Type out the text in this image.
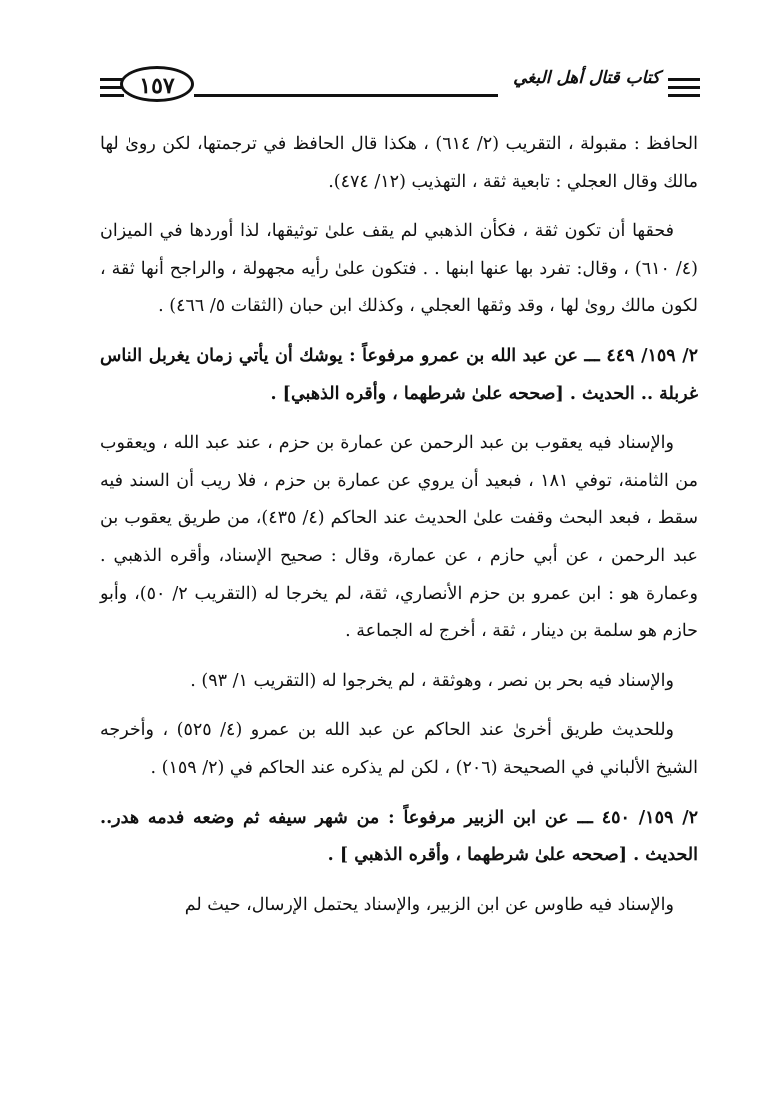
كتاب قتال أهل البغي
١٥٧

الحافظ : مقبولة ، التقريب (٢/ ٦١٤) ، هكذا قال الحافظ في ترجمتها، لكن روىٰ لها مالك وقال العجلي : تابعية ثقة ، التهذيب (١٢/ ٤٧٤).

فحقها أن تكون ثقة ، فكأن الذهبي لم يقف علىٰ توثيقها، لذا أوردها في الميزان (٤/ ٦١٠) ، وقال: تفرد بها عنها ابنها . . فتكون علىٰ رأيه مجهولة ، والراجح أنها ثقة ، لكون مالك روىٰ لها ، وقد وثقها العجلي ، وكذلك ابن حبان (الثقات ٥/ ٤٦٦) .

٢/ ١٥٩/ ٤٤٩ ـــ عن عبد الله بن عمرو مرفوعاً : يوشك أن يأتي زمان يغربل الناس غربلة .. الحديث . [صححه علىٰ شرطهما ، وأقره الذهبي] .

والإسناد فيه يعقوب بن عبد الرحمن عن عمارة بن حزم ، عند عبد الله ، ويعقوب من الثامنة، توفي ١٨١ ، فبعيد أن يروي عن عمارة بن حزم ، فلا ريب أن السند فيه سقط ، فبعد البحث وقفت علىٰ الحديث عند الحاكم (٤/ ٤٣٥)، من طريق يعقوب بن عبد الرحمن ، عن أبي حازم ، عن عمارة، وقال : صحيح الإسناد، وأقره الذهبي . وعمارة هو : ابن عمرو بن حزم الأنصاري، ثقة، لم يخرجا له (التقريب ٢/ ٥٠)، وأبو حازم هو سلمة بن دينار ، ثقة ، أخرج له الجماعة .

والإسناد فيه بحر بن نصر ، وهوثقة ، لم يخرجوا له (التقريب ١/ ٩٣) .

وللحديث طريق أخرىٰ عند الحاكم عن عبد الله بن عمرو (٤/ ٥٢٥) ، وأخرجه الشيخ الألباني في الصحيحة (٢٠٦) ، لكن لم يذكره عند الحاكم في (٢/ ١٥٩) .

٢/ ١٥٩/ ٤٥٠ ـــ عن ابن الزبير مرفوعاً : من شهر سيفه ثم وضعه فدمه هدر.. الحديث . [صححه علىٰ شرطهما ، وأقره الذهبي ] .

والإسناد فيه طاوس عن ابن الزبير، والإسناد يحتمل الإرسال، حيث لم
